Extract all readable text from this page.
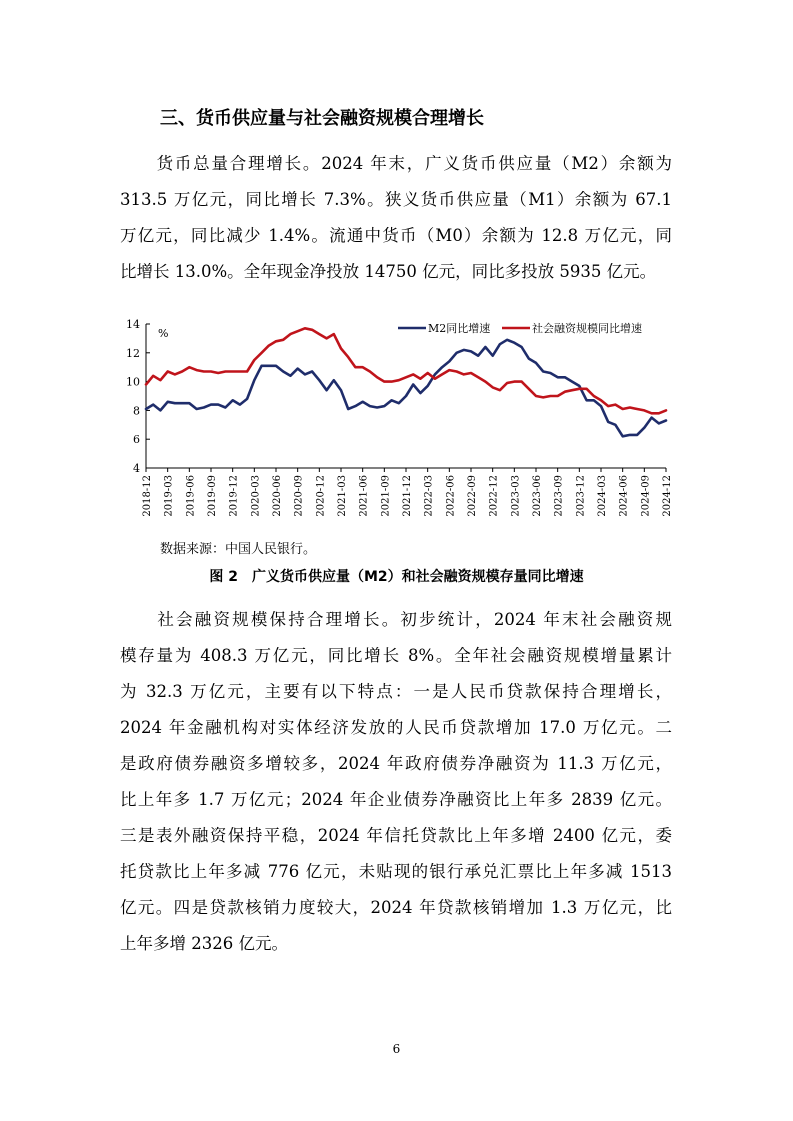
三、货币供应量与社会融资规模合理增长
　　货币总量合理增长。2024 年末，广义货币供应量（M2）余额为
313.5 万亿元，同比增长 7.3%。狭义货币供应量（M1）余额为 67.1
万亿元，同比减少 1.4%。流通中货币（M0）余额为 12.8 万亿元，同
比增长 13.0%。全年现金净投放 14750 亿元，同比多投放 5935 亿元。
4
6
8
10
12
14
%
2018-12 2019-03 2019-06 2019-09 2019-12 2020-03 2020-06 2020-09 2020-12 2021-03 2021-06 2021-09 2021-12 2022-03 2022-06 2022-09 2022-12 2023-03 2023-06 2023-09 2023-12 2024-03 2024-06 2024-09 2024-12
M2同比增速	社会融资规模同比增速
数据来源：中国人民银行。
图 2　广义货币供应量（M2）和社会融资规模存量同比增速
　　社会融资规模保持合理增长。初步统计，2024 年末社会融资规
模存量为 408.3 万亿元，同比增长 8%。全年社会融资规模增量累计
为 32.3 万亿元，主要有以下特点：一是人民币贷款保持合理增长，
2024 年金融机构对实体经济发放的人民币贷款增加 17.0 万亿元。二
是政府债券融资多增较多，2024 年政府债券净融资为 11.3 万亿元，
比上年多 1.7 万亿元；2024 年企业债券净融资比上年多 2839 亿元。
三是表外融资保持平稳，2024 年信托贷款比上年多增 2400 亿元，委
托贷款比上年多减 776 亿元，未贴现的银行承兑汇票比上年多减 1513
亿元。四是贷款核销力度较大，2024 年贷款核销增加 1.3 万亿元，比
上年多增 2326 亿元。
6
